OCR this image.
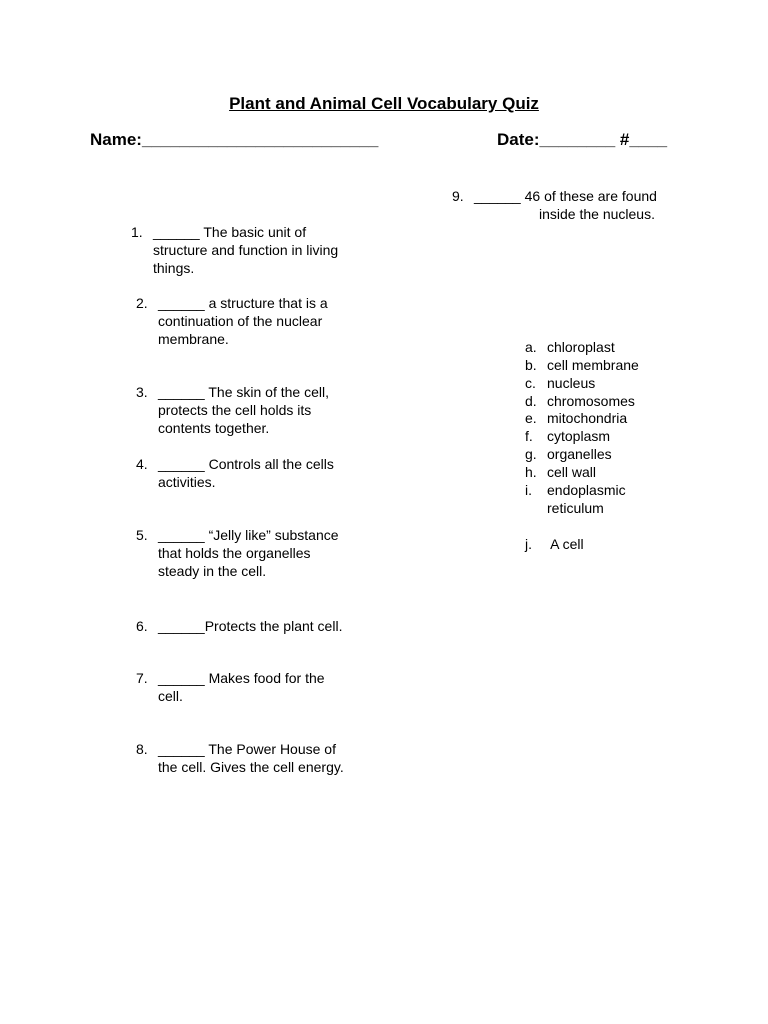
Plant and Animal Cell Vocabulary Quiz
Name:_________________________	Date:________ #____
1. ______ The basic unit of
structure and function in living
things.
2. ______ a structure that is a
continuation of the nuclear
membrane.
3. ______ The skin of the cell,
protects the cell holds its
contents together.
4. ______ Controls all the cells
activities.
5. ______ “Jelly like” substance
that holds the organelles
steady in the cell.
6. ______Protects the plant cell.
7. ______ Makes food for the
cell.
8. ______ The Power House of
the cell. Gives the cell energy.
9. ______ 46 of these are found
inside the nucleus.
a. chloroplast
b. cell membrane
c. nucleus
d. chromosomes
e. mitochondria
f.	cytoplasm
g. organelles
h. cell wall
i.	endoplasmic
reticulum
j.	A cell
